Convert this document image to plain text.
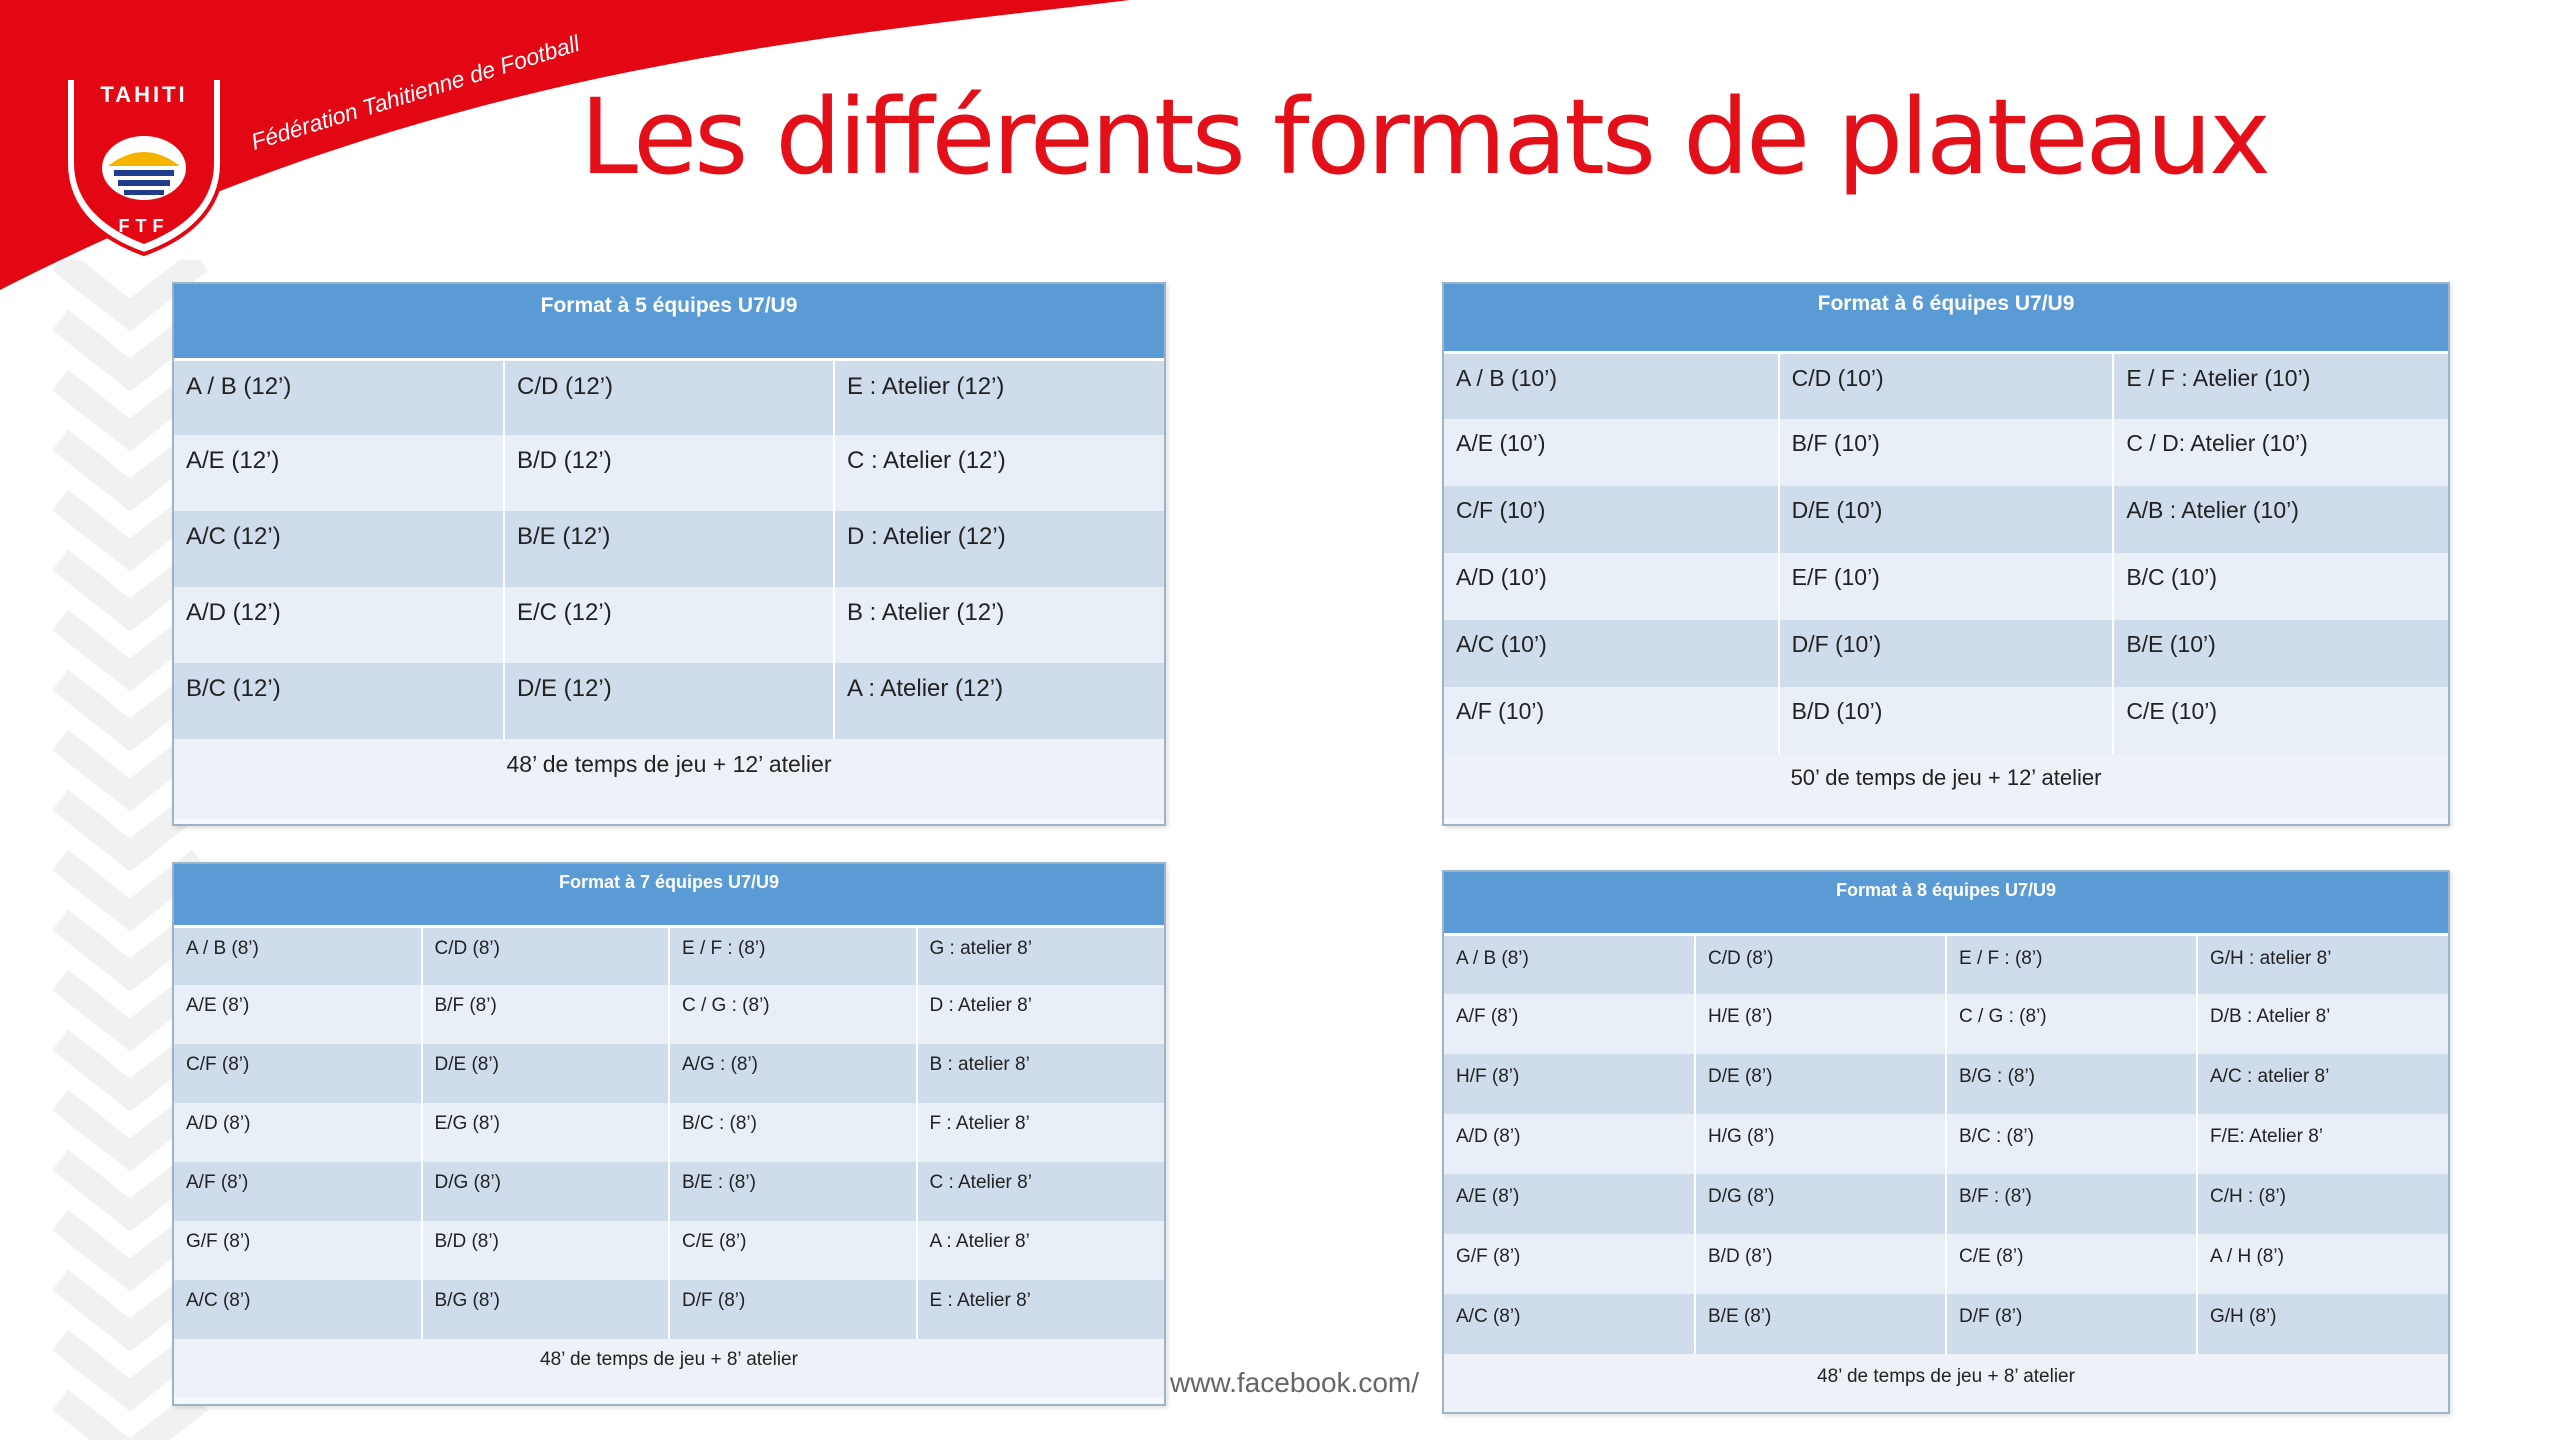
TAHITI
FTF
Fédération Tahitienne de Football
Les différents formats de plateaux
Format à 5 équipes U7/U9		
A / B (12’)	C/D (12’)	E : Atelier (12’)
A/E (12’)	B/D (12’)	C : Atelier (12’)
A/C (12’)	B/E (12’)	D : Atelier (12’)
A/D (12’)	E/C (12’)	B : Atelier (12’)
B/C (12’)	D/E (12’)	A : Atelier (12’)
48’ de temps de jeu + 12’ atelier		
Format à 6 équipes U7/U9		
A / B (10’)	C/D (10’)	E / F : Atelier (10’)
A/E (10’)	B/F (10’)	C / D: Atelier (10’)
C/F (10’)	D/E (10’)	A/B : Atelier (10’)
A/D (10’)	E/F (10’)	B/C (10’)
A/C (10’)	D/F (10’)	B/E (10’)
A/F (10’)	B/D (10’)	C/E (10’)
50’ de temps de jeu + 12’ atelier		
Format à 7 équipes U7/U9			
A / B (8’)	C/D (8’)	E / F : (8’)	G : atelier 8’
A/E (8’)	B/F (8’)	C / G : (8’)	D : Atelier 8’
C/F (8’)	D/E (8’)	A/G : (8’)	B : atelier 8’
A/D (8’)	E/G (8’)	B/C : (8’)	F : Atelier 8’
A/F (8’)	D/G (8’)	B/E : (8’)	C : Atelier 8’
G/F (8’)	B/D (8’)	C/E (8’)	A : Atelier 8’
A/C (8’)	B/G (8’)	D/F (8’)	E : Atelier 8’
48’ de temps de jeu + 8’ atelier			
Format à 8 équipes U7/U9			
A / B (8’)	C/D (8’)	E / F : (8’)	G/H : atelier 8’
A/F (8’)	H/E (8’)	C / G : (8’)	D/B : Atelier 8’
H/F (8’)	D/E (8’)	B/G : (8’)	A/C : atelier 8’
A/D (8’)	H/G (8’)	B/C : (8’)	F/E: Atelier 8’
A/E (8’)	D/G (8’)	B/F : (8’)	C/H : (8’)
G/F (8’)	B/D (8’)	C/E (8’)	A / H (8’)
A/C (8’)	B/E (8’)	D/F (8’)	G/H (8’)
48’ de temps de jeu + 8’ atelier			
www.facebook.com/
